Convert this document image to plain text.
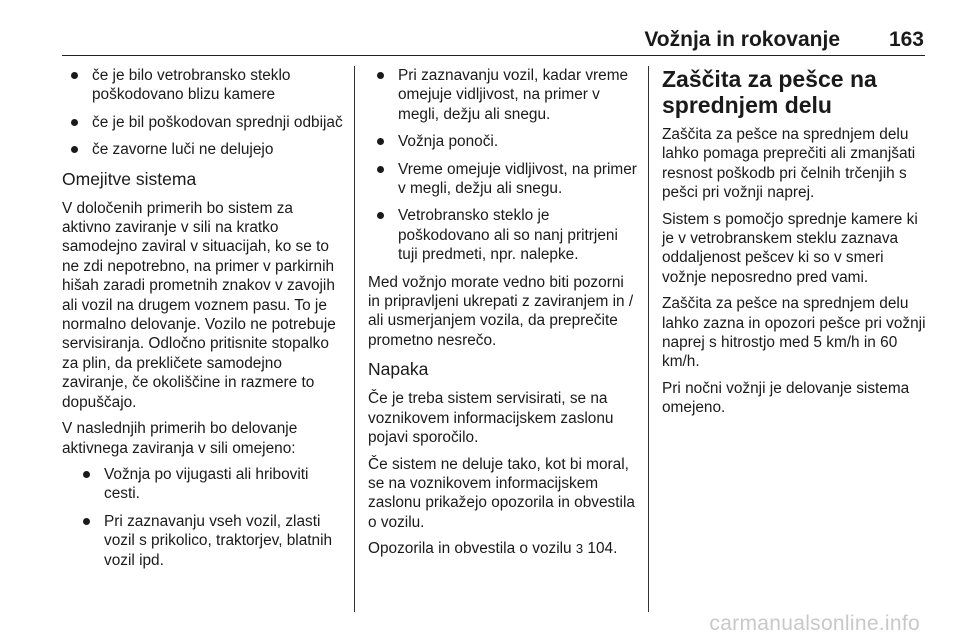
Vožnja in rokovanje 163
če je bilo vetrobransko steklo poškodovano blizu kamere
če je bil poškodovan sprednji odbijač
če zavorne luči ne delujejo
Omejitve sistema

V določenih primerih bo sistem za aktivno zaviranje v sili na kratko samodejno zaviral v situacijah, ko se to ne zdi nepotrebno, na primer v parkirnih hišah zaradi prometnih znakov v zavojih ali vozil na drugem voznem pasu. To je normalno delovanje. Vozilo ne potrebuje servisiranja. Odločno pritisnite stopalko za plin, da prekličete samodejno zaviranje, če okoliščine in razmere to dopuščajo.

V naslednjih primerih bo delovanje aktivnega zaviranja v sili omejeno:

Vožnja po vijugasti ali hriboviti cesti.
Pri zaznavanju vseh vozil, zlasti vozil s prikolico, traktorjev, blatnih vozil ipd.
Pri zaznavanju vozil, kadar vreme omejuje vidljivost, na primer v megli, dežju ali snegu.
Vožnja ponoči.
Vreme omejuje vidljivost, na primer v megli, dežju ali snegu.
Vetrobransko steklo je poškodovano ali so nanj pritrjeni tuji predmeti, npr. nalepke.

Med vožnjo morate vedno biti pozorni in pripravljeni ukrepati z zaviranjem in / ali usmerjanjem vozila, da preprečite prometno nesrečo.

Napaka

Če je treba sistem servisirati, se na voznikovem informacijskem zaslonu pojavi sporočilo.

Če sistem ne deluje tako, kot bi moral, se na voznikovem informacijskem zaslonu prikažejo opozorila in obvestila o vozilu.

Opozorila in obvestila o vozilu 3 104.

Zaščita za pešce na sprednjem delu

Zaščita za pešce na sprednjem delu lahko pomaga preprečiti ali zmanjšati resnost poškodb pri čelnih trčenjih s pešci pri vožnji naprej.

Sistem s pomočjo sprednje kamere ki je v vetrobranskem steklu zaznava oddaljenost pešcev ki so v smeri vožnje neposredno pred vami.

Zaščita za pešce na sprednjem delu lahko zazna in opozori pešce pri vožnji naprej s hitrostjo med 5 km/h in 60 km/h.

Pri nočni vožnji je delovanje sistema omejeno.

carmanualsonline.info
